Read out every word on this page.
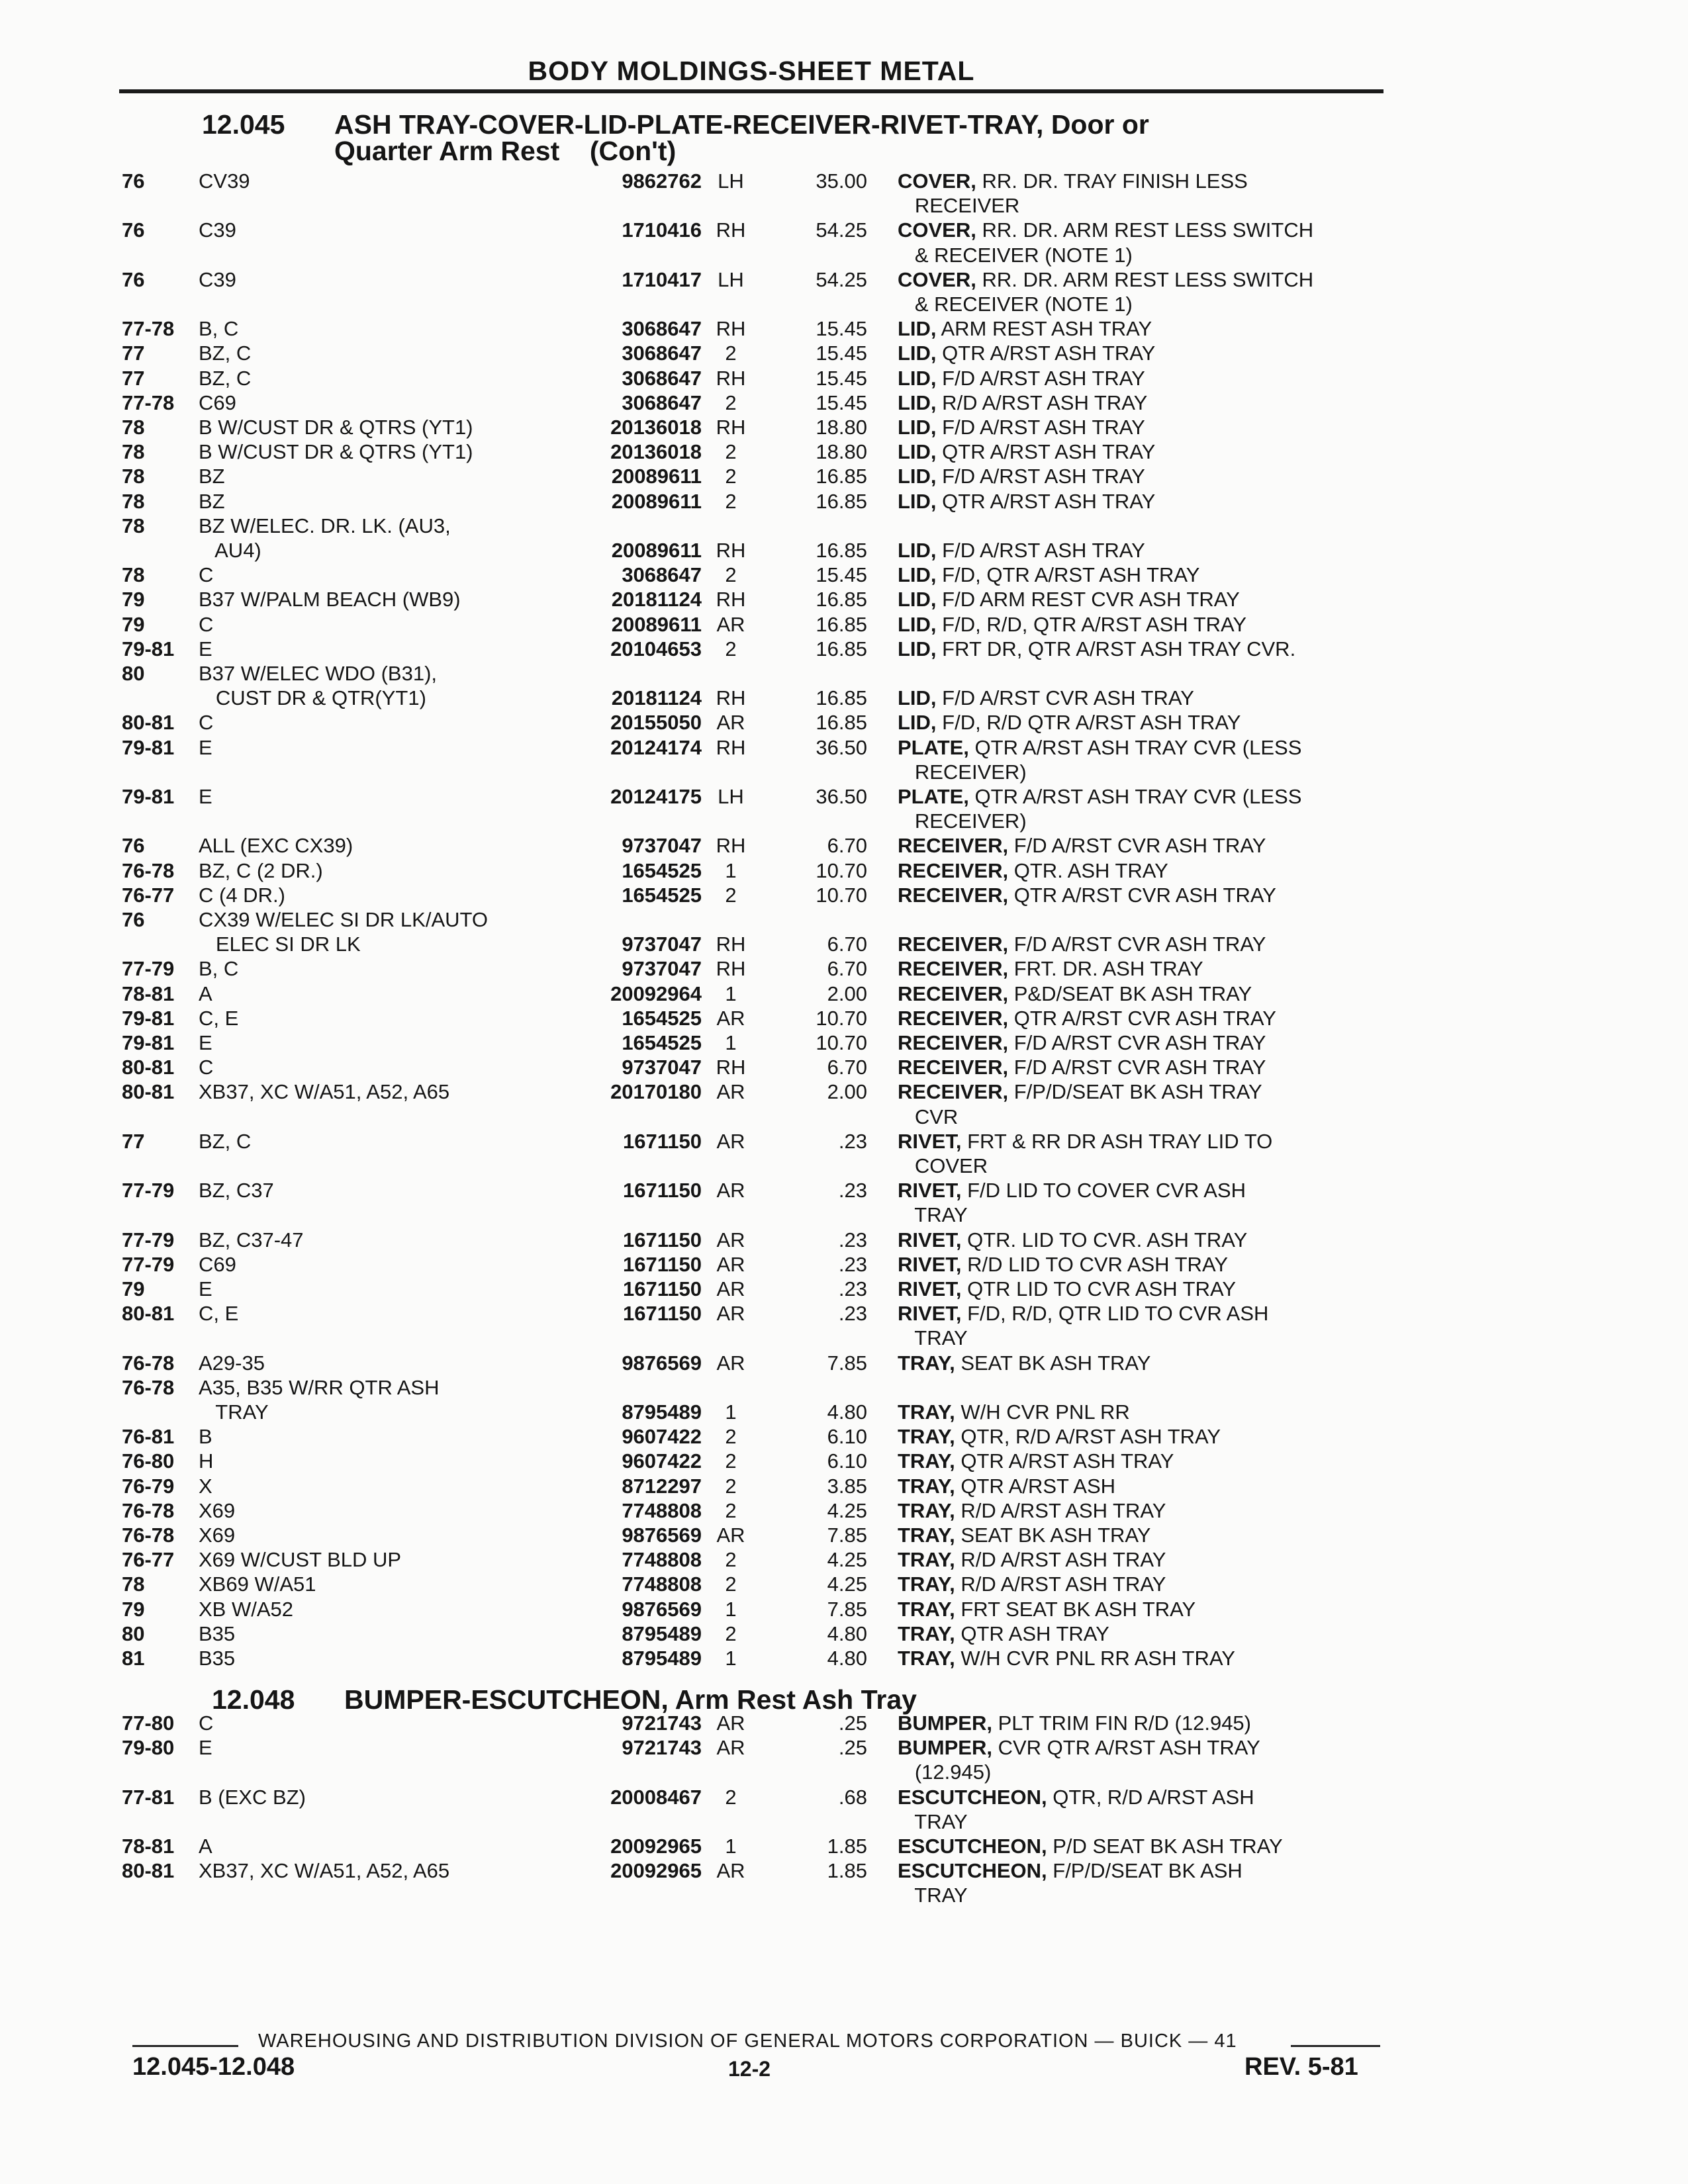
BODY MOLDINGS-SHEET METAL
12.045 ASH TRAY-COVER-LID-PLATE-RECEIVER-RIVET-TRAY, Door or
Quarter Arm Rest    (Con't)
76	CV39	9862762 LH	35.00 COVER, RR. DR. TRAY FINISH LESS
RECEIVER
76	C39	1710416 RH	54.25 COVER, RR. DR. ARM REST LESS SWITCH
& RECEIVER (NOTE 1)
76	C39	1710417 LH	54.25 COVER, RR. DR. ARM REST LESS SWITCH
& RECEIVER (NOTE 1)
77-78 B, C	3068647 RH	15.45 LID, ARM REST ASH TRAY
77	BZ, C	3068647	2	15.45 LID, QTR A/RST ASH TRAY
77	BZ, C	3068647 RH	15.45 LID, F/D A/RST ASH TRAY
77-78 C69	3068647	2	15.45 LID, R/D A/RST ASH TRAY
78	B W/CUST DR & QTRS (YT1)	20136018 RH	18.80 LID, F/D A/RST ASH TRAY
78	B W/CUST DR & QTRS (YT1)	20136018	2	18.80 LID, QTR A/RST ASH TRAY
78	BZ	20089611	2	16.85 LID, F/D A/RST ASH TRAY
78	BZ	20089611	2	16.85 LID, QTR A/RST ASH TRAY
78	BZ W/ELEC. DR. LK. (AU3,
AU4)	20089611 RH	16.85 LID, F/D A/RST ASH TRAY
78	C	3068647	2	15.45 LID, F/D, QTR A/RST ASH TRAY
79	B37 W/PALM BEACH (WB9)	20181124 RH	16.85 LID, F/D ARM REST CVR ASH TRAY
79	C	20089611 AR	16.85 LID, F/D, R/D, QTR A/RST ASH TRAY
79-81 E	20104653	2	16.85 LID, FRT DR, QTR A/RST ASH TRAY CVR.
80	B37 W/ELEC WDO (B31),
CUST DR & QTR(YT1)	20181124 RH	16.85 LID, F/D A/RST CVR ASH TRAY
80-81 C	20155050 AR	16.85 LID, F/D, R/D QTR A/RST ASH TRAY
79-81 E	20124174 RH	36.50 PLATE, QTR A/RST ASH TRAY CVR (LESS
RECEIVER)
79-81 E	20124175 LH	36.50 PLATE, QTR A/RST ASH TRAY CVR (LESS
RECEIVER)
76	ALL (EXC CX39)	9737047 RH	6.70 RECEIVER, F/D A/RST CVR ASH TRAY
76-78 BZ, C (2 DR.)	1654525	1	10.70 RECEIVER, QTR. ASH TRAY
76-77 C (4 DR.)	1654525	2	10.70 RECEIVER, QTR A/RST CVR ASH TRAY
76	CX39 W/ELEC SI DR LK/AUTO
ELEC SI DR LK	9737047 RH	6.70 RECEIVER, F/D A/RST CVR ASH TRAY
77-79 B, C	9737047 RH	6.70 RECEIVER, FRT. DR. ASH TRAY
78-81 A	20092964	1	2.00 RECEIVER, P&D/SEAT BK ASH TRAY
79-81 C, E	1654525 AR	10.70 RECEIVER, QTR A/RST CVR ASH TRAY
79-81 E	1654525	1	10.70 RECEIVER, F/D A/RST CVR ASH TRAY
80-81 C	9737047 RH	6.70 RECEIVER, F/D A/RST CVR ASH TRAY
80-81 XB37, XC W/A51, A52, A65	20170180 AR	2.00 RECEIVER, F/P/D/SEAT BK ASH TRAY
CVR
77	BZ, C	1671150 AR	.23 RIVET, FRT & RR DR ASH TRAY LID TO
COVER
77-79 BZ, C37	1671150 AR	.23 RIVET, F/D LID TO COVER CVR ASH
TRAY
77-79 BZ, C37-47	1671150 AR	.23 RIVET, QTR. LID TO CVR. ASH TRAY
77-79 C69	1671150 AR	.23 RIVET, R/D LID TO CVR ASH TRAY
79	E	1671150 AR	.23 RIVET, QTR LID TO CVR ASH TRAY
80-81 C, E	1671150 AR	.23 RIVET, F/D, R/D, QTR LID TO CVR ASH
TRAY
76-78 A29-35	9876569 AR	7.85 TRAY, SEAT BK ASH TRAY
76-78 A35, B35 W/RR QTR ASH
TRAY	8795489	1	4.80 TRAY, W/H CVR PNL RR
76-81 B	9607422	2	6.10 TRAY, QTR, R/D A/RST ASH TRAY
76-80 H	9607422	2	6.10 TRAY, QTR A/RST ASH TRAY
76-79 X	8712297	2	3.85 TRAY, QTR A/RST ASH
76-78 X69	7748808	2	4.25 TRAY, R/D A/RST ASH TRAY
76-78 X69	9876569 AR	7.85 TRAY, SEAT BK ASH TRAY
76-77 X69 W/CUST BLD UP	7748808	2	4.25 TRAY, R/D A/RST ASH TRAY
78	XB69 W/A51	7748808	2	4.25 TRAY, R/D A/RST ASH TRAY
79	XB W/A52	9876569	1	7.85 TRAY, FRT SEAT BK ASH TRAY
80	B35	8795489	2	4.80 TRAY, QTR ASH TRAY
81	B35	8795489	1	4.80 TRAY, W/H CVR PNL RR ASH TRAY
12.048 BUMPER-ESCUTCHEON, Arm Rest Ash Tray
77-80 C	9721743 AR	.25 BUMPER, PLT TRIM FIN R/D (12.945)
79-80 E	9721743 AR	.25 BUMPER, CVR QTR A/RST ASH TRAY
(12.945)
77-81 B (EXC BZ)	20008467	2	.68 ESCUTCHEON, QTR, R/D A/RST ASH
TRAY
78-81 A	20092965	1	1.85 ESCUTCHEON, P/D SEAT BK ASH TRAY
80-81 XB37, XC W/A51, A52, A65	20092965 AR	1.85 ESCUTCHEON, F/P/D/SEAT BK ASH
TRAY
WAREHOUSING AND DISTRIBUTION DIVISION OF GENERAL MOTORS CORPORATION — BUICK — 41
12.045-12.048	12-2	REV. 5-81
